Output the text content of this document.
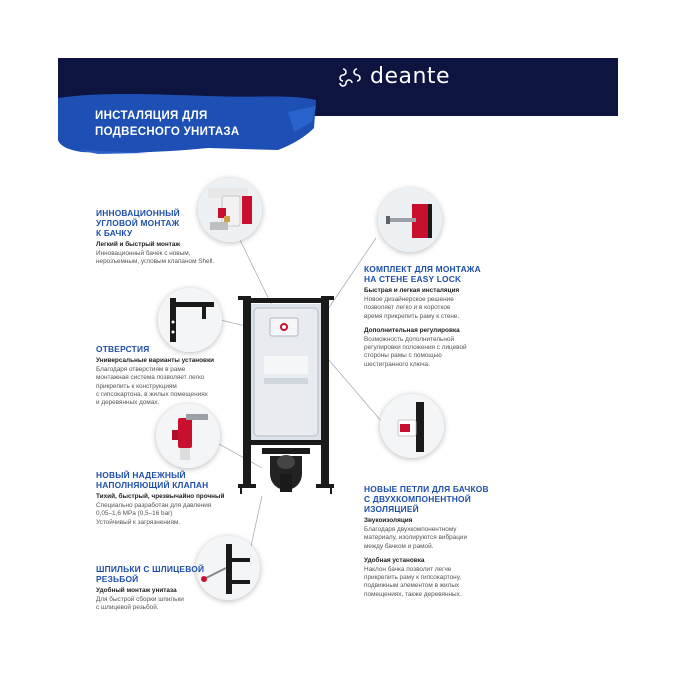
deante
ИНСТАЛЯЦИЯ ДЛЯ
ПОДВЕСНОГО УНИТАЗА
ИННОВАЦИОННЫЙ
УГЛОВОЙ МОНТАЖ
К БАЧКУ
Легкий и быстрый монтаж
Инновационный бачек с новым,
нерозъемным, угловым клапаном Shell.
ОТВЕРСТИЯ
Универсальные варианты установки
Благодаря отверстиям в раме
монтажная система позволяет легко
прикрепить к конструкциям
с гипсокартона, в жилых помещениях
и деревянных домах.
НОВЫЙ НАДЕЖНЫЙ
НАПОЛНЯЮЩИЙ КЛАПАН
Тихий, быстрый, чрезвычайно прочный
Специально разработан для давления
0,05–1,6 MPa (0,5–16 bar)
Устойчивый к загрязнениям.
ШПИЛЬКИ С ШЛИЦЕВОЙ
РЕЗЬБОЙ
Удобный монтаж унитаза
Для быстрой сборки шпильки
с шлицевой резьбой.
КОМПЛЕКТ ДЛЯ МОНТАЖА
НА СТЕНЕ EASY LOCK
Быстрая и легкая инсталяция
Новое дизайнерское решение
позволяет легко и в короткое
время прикрепить раму к стене.
Дополнительная регулировка
Возможность дополнительной
регулировки положения с лицевой
стороны рамы с помощью
шестигранного ключа.
НОВЫЕ ПЕТЛИ ДЛЯ БАЧКОВ
С ДВУХКОМПОНЕНТНОЙ
ИЗОЛЯЦИЕЙ
Звукоизоляция
Благодаря двухкомпонентному
материалу, изолируются вибрации
между бачком и рамой.
Удобная установка
Наклон бачка позволит легче
прикрепить раму к гипсокартону,
подвижным элементом в жилых
помещениях, также деревянных.
